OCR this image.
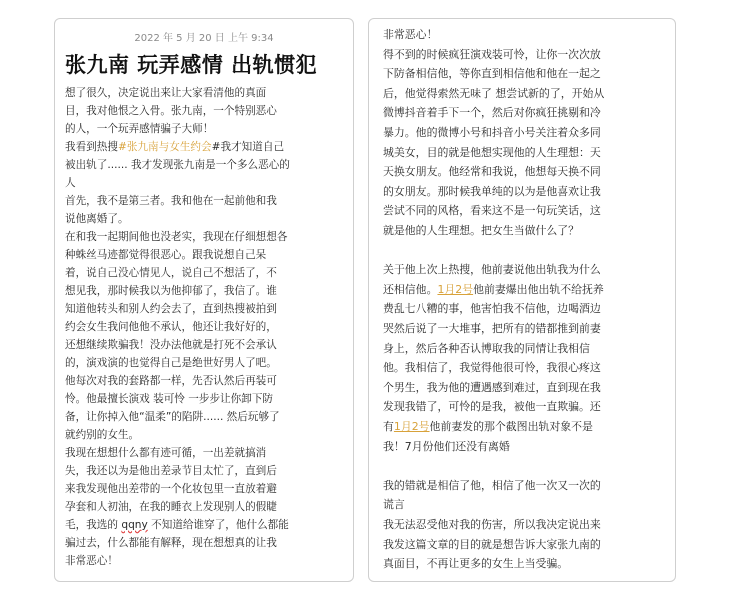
2022 年 5 月 20 日 上午 9:34
张九南 玩弄感情 出轨惯犯
想了很久，决定说出来让大家看清他的真面
目，我对他恨之入骨。张九南，一个特别恶心
的人，一个玩弄感情骗子大师！
我看到热搜#张九南与女生约会#我才知道自己
被出轨了...... 我才发现张九南是一个多么恶心的
人
首先，我不是第三者。我和他在一起前他和我
说他离婚了。
在和我一起期间他也没老实，我现在仔细想想各
种蛛丝马迹都觉得很恶心。跟我说想自己呆
着，说自己没心情见人，说自己不想活了，不
想见我，那时候我以为他抑郁了，我信了。谁
知道他转头和别人约会去了，直到热搜被拍到
约会女生我问他他不承认，他还让我好好的，
还想继续欺骗我！没办法他就是打死不会承认
的，演戏演的也觉得自己是绝世好男人了吧。
他每次对我的套路都一样，先否认然后再装可
怜。他最擅长演戏 装可怜 一步步让你卸下防
备，让你掉入他“温柔”的陷阱...... 然后玩够了
就约别的女生。
我现在想想什么都有迹可循，一出差就搞消
失，我还以为是他出差录节目太忙了，直到后
来我发现他出差带的一个化妆包里一直放着避
孕套和人初油，在我的睡衣上发现别人的假睫
毛，我选的 qqny 不知道给谁穿了，他什么都能
骗过去，什么都能有解释，现在想想真的让我
非常恶心！
非常恶心！
得不到的时候疯狂演戏装可怜，让你一次次放
下防备相信他，等你直到相信他和他在一起之
后，他觉得索然无味了 想尝试新的了，开始从
微博抖音着手下一个，然后对你疯狂挑剔和冷
暴力。他的微博小号和抖音小号关注着众多同
城美女，目的就是他想实现他的人生理想：天
天换女朋友。他经常和我说，他想每天换不同
的女朋友。那时候我单纯的以为是他喜欢让我
尝试不同的风格，看来这不是一句玩笑话，这
就是他的人生理想。把女生当做什么了？
关于他上次上热搜，他前妻说他出轨我为什么
还相信他。1月2号他前妻爆出他出轨不给抚养
费乱七八糟的事，他害怕我不信他，边喝酒边
哭然后说了一大堆事，把所有的错都推到前妻
身上，然后各种否认博取我的同情让我相信
他。我相信了，我觉得他很可怜，我很心疼这
个男生，我为他的遭遇感到难过，直到现在我
发现我错了，可怜的是我，被他一直欺骗。还
有1月2号他前妻发的那个截图出轨对象不是
我！7月份他们还没有离婚
我的错就是相信了他，相信了他一次又一次的
谎言
我无法忍受他对我的伤害，所以我决定说出来
我发这篇文章的目的就是想告诉大家张九南的
真面目，不再让更多的女生上当受骗。
